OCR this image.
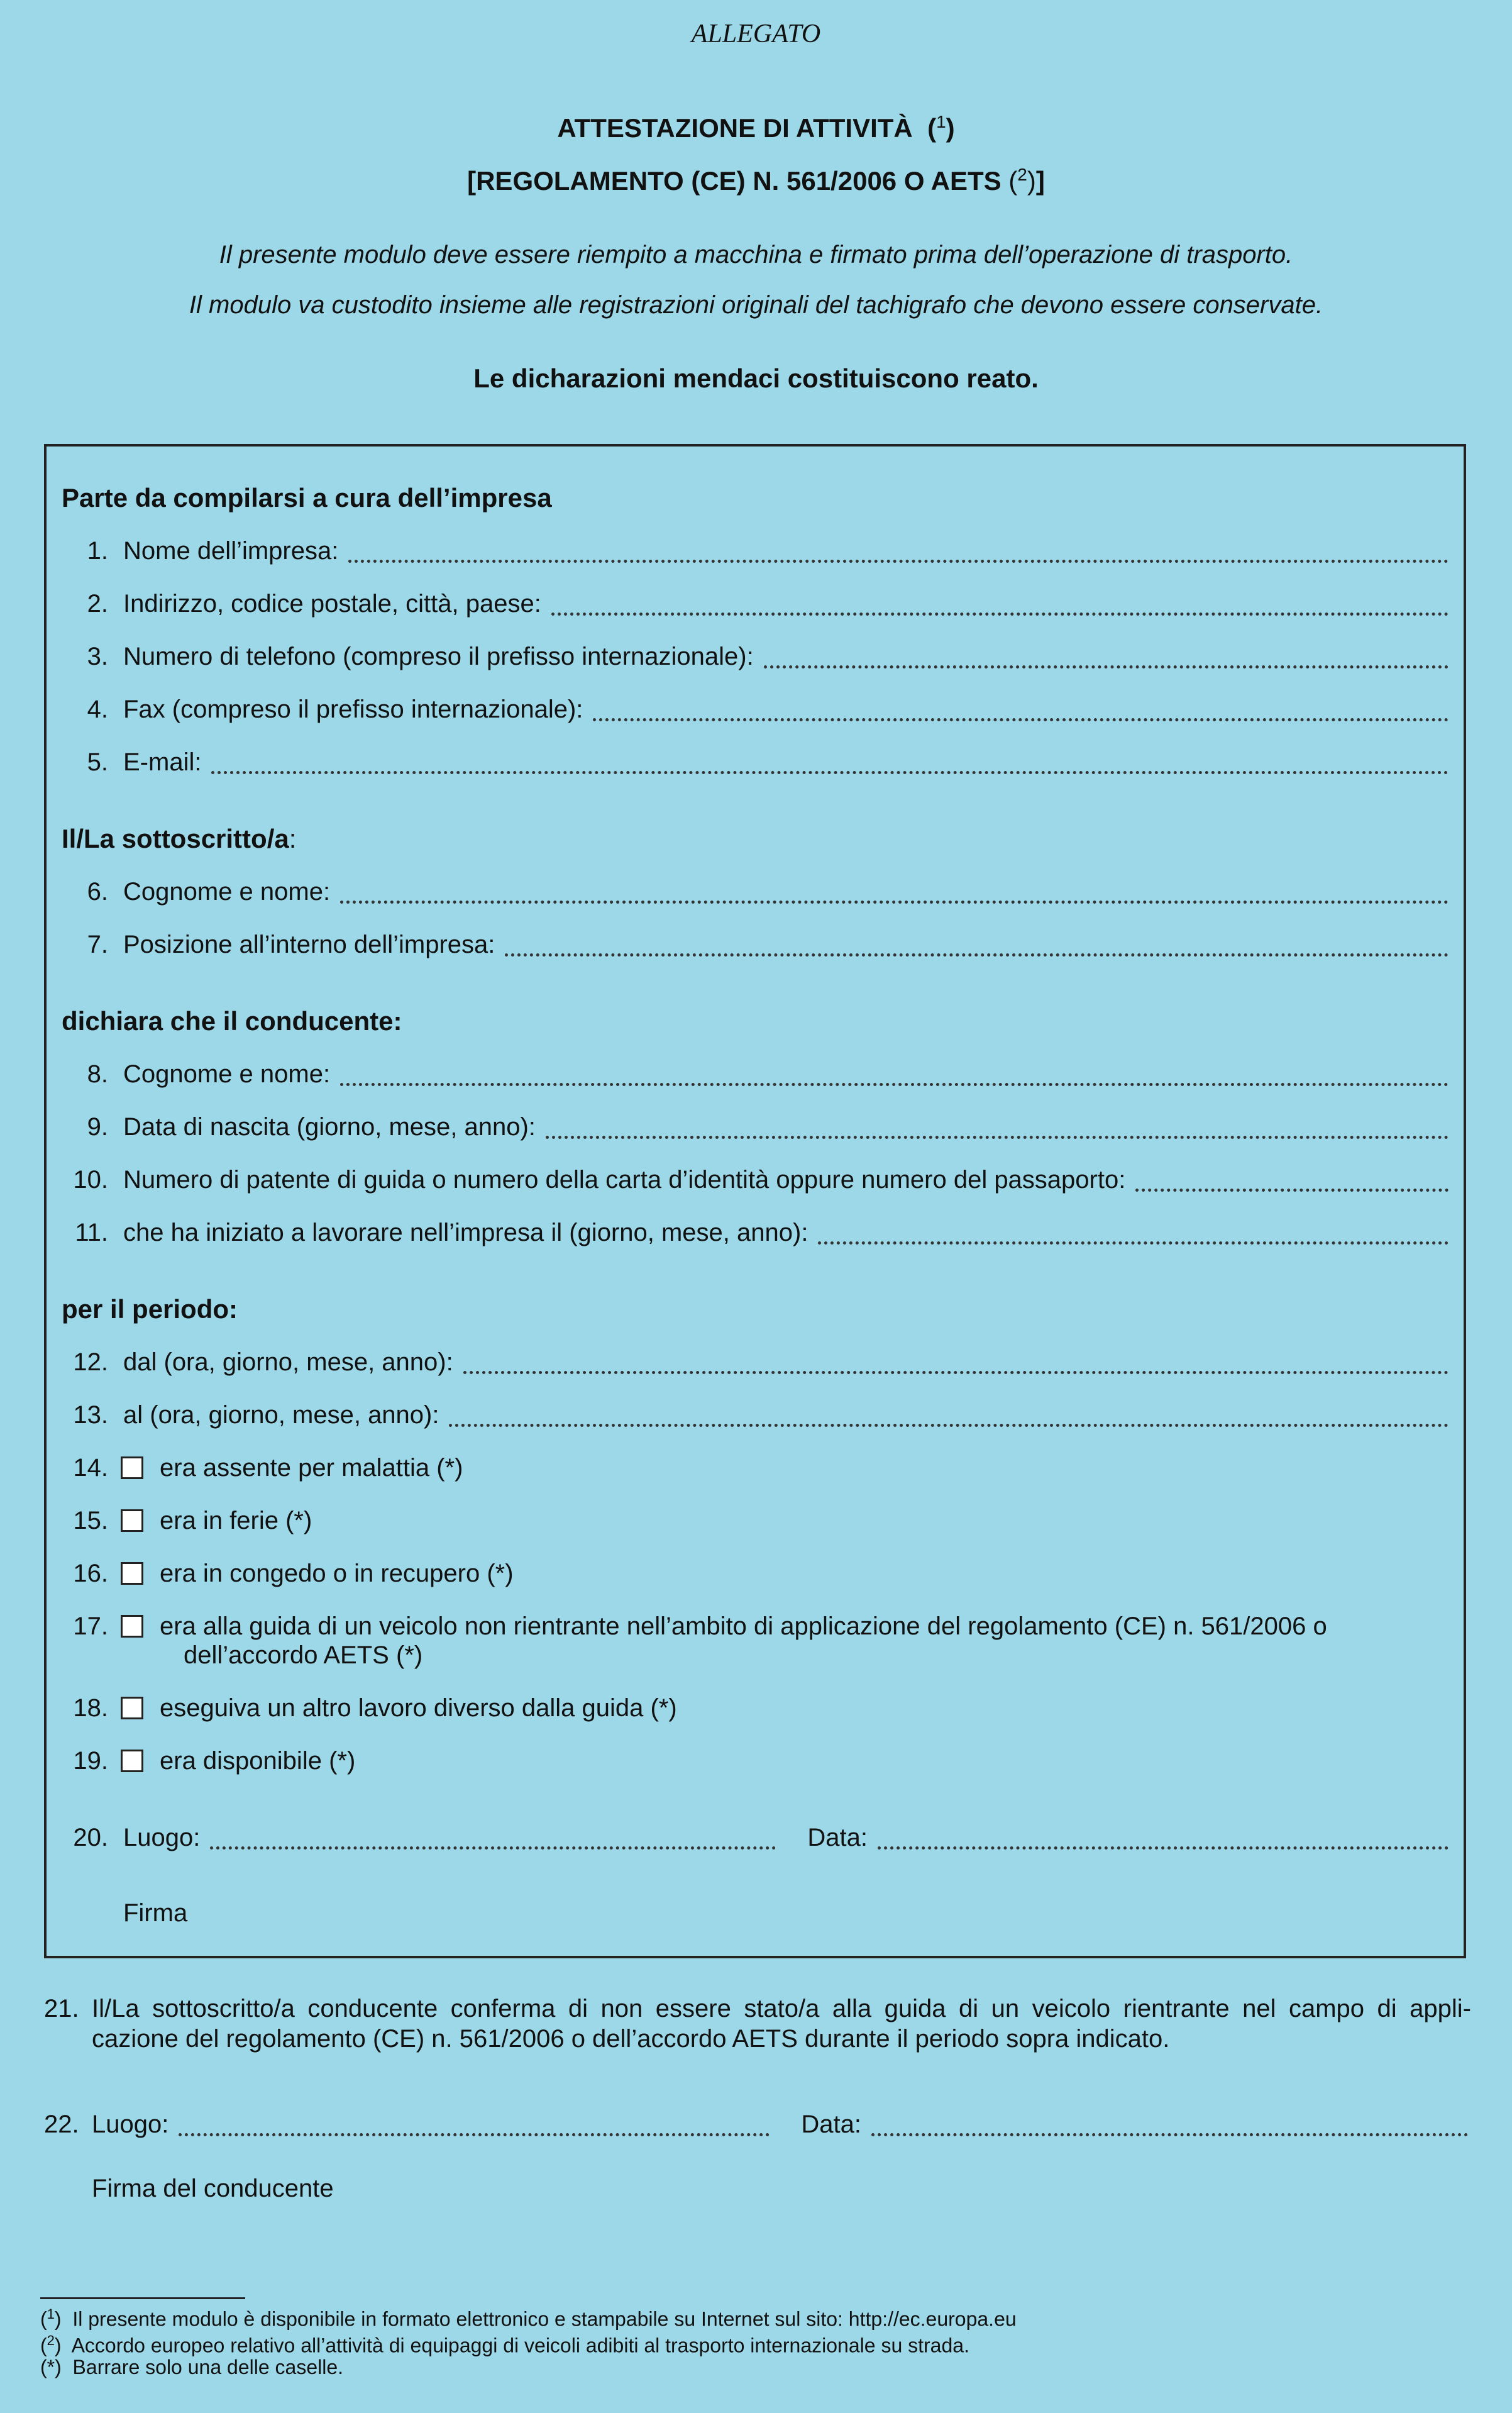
ALLEGATO
ATTESTAZIONE DI ATTIVITÀ  ($^1$)
[REGOLAMENTO (CE) N. 561/2006 O AETS ($^2$)]
Il presente modulo deve essere riempito a macchina e firmato prima dell’operazione di trasporto.
Il modulo va custodito insieme alle registrazioni originali del tachigrafo che devono essere conservate.
Le dicharazioni mendaci costituiscono reato.
Parte da compilarsi a cura dell’impresa
1. Nome dell’impresa:
2. Indirizzo, codice postale, città, paese:
3. Numero di telefono (compreso il prefisso internazionale):
4. Fax (compreso il prefisso internazionale):
5. E-mail:
Il/La sottoscritto/a:
6. Cognome e nome:
7. Posizione all’interno dell’impresa:
dichiara che il conducente:
8. Cognome e nome:
9. Data di nascita (giorno, mese, anno):
10. Numero di patente di guida o numero della carta d’identità oppure numero del passaporto:
11. che ha iniziato a lavorare nell’impresa il (giorno, mese, anno):
per il periodo:
12. dal (ora, giorno, mese, anno):
13. al (ora, giorno, mese, anno):
14.	era assente per malattia (*)
15.	era in ferie (*)
16.	era in congedo o in recupero (*)
17.	era alla guida di un veicolo non rientrante nell’ambito di applicazione del regolamento (CE) n. 561/2006 o
dell’accordo AETS (*)
18.	eseguiva un altro lavoro diverso dalla guida (*)
19.	era disponibile (*)
20. Luogo:	Data:
Firma
21. Il/La sottoscritto/a conducente conferma di non essere stato/a alla guida di un veicolo rientrante nel campo di appli-
cazione del regolamento (CE) n. 561/2006 o dell’accordo AETS durante il periodo sopra indicato.
22. Luogo:	Data:
Firma del conducente
($^1$)  Il presente modulo è disponibile in formato elettronico e stampabile su Internet sul sito: http://ec.europa.eu
($^2$)  Accordo europeo relativo all’attività di equipaggi di veicoli adibiti al trasporto internazionale su strada.
(*) Barrare solo una delle caselle.
